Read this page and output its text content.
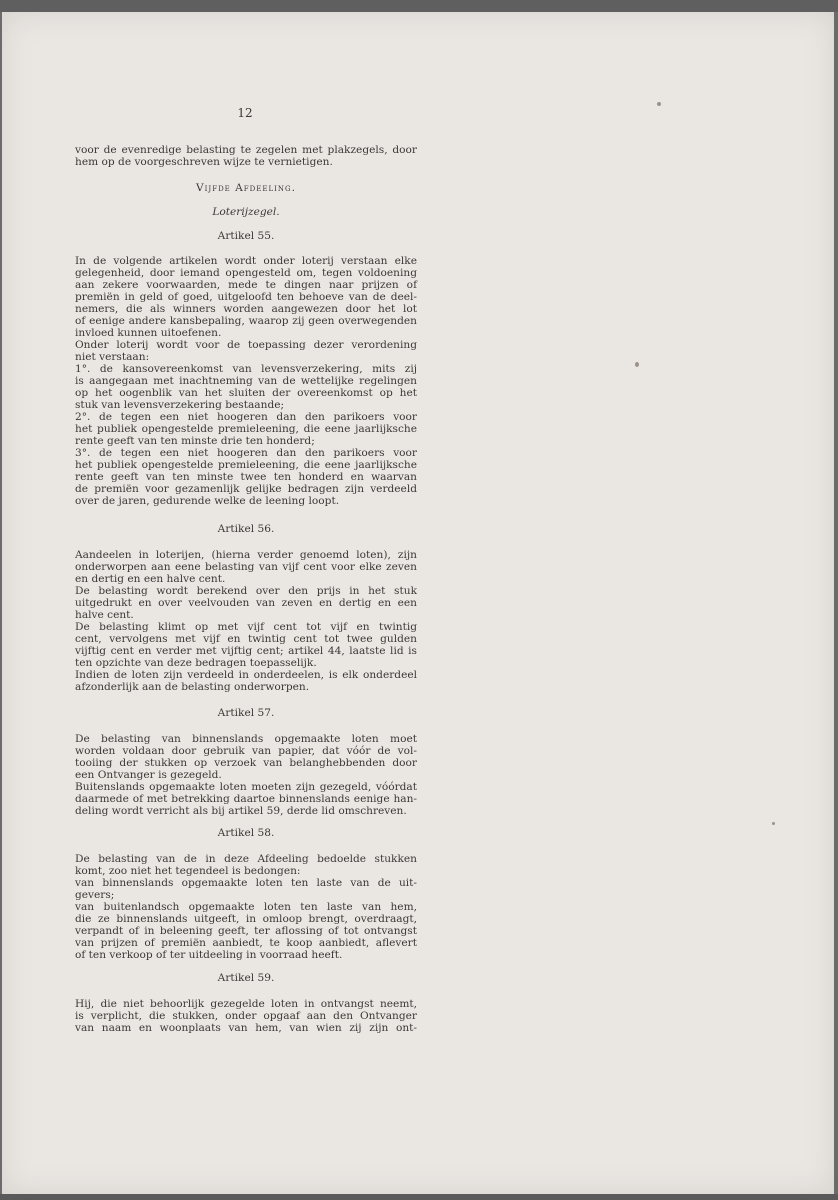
12
voor de evenredige belasting te zegelen met plakzegels, door
hem op de voorgeschreven wijze te vernietigen.
Vijfde Afdeeling.
Loterijzegel.
Artikel 55.
In de volgende artikelen wordt onder loterij verstaan elke
gelegenheid, door iemand opengesteld om, tegen voldoening
aan zekere voorwaarden, mede te dingen naar prijzen of
premiën in geld of goed, uitgeloofd ten behoeve van de deel-
nemers, die als winners worden aangewezen door het lot
of eenige andere kansbepaling, waarop zij geen overwegenden
invloed kunnen uitoefenen.
Onder loterij wordt voor de toepassing dezer verordening
niet verstaan:
1°. de kansovereenkomst van levensverzekering, mits zij
is aangegaan met inachtneming van de wettelijke regelingen
op het oogenblik van het sluiten der overeenkomst op het
stuk van levensverzekering bestaande;
2°. de tegen een niet hoogeren dan den parikoers voor
het publiek opengestelde premieleening, die eene jaarlijksche
rente geeft van ten minste drie ten honderd;
3°. de tegen een niet hoogeren dan den parikoers voor
het publiek opengestelde premieleening, die eene jaarlijksche
rente geeft van ten minste twee ten honderd en waarvan
de premiën voor gezamenlijk gelijke bedragen zijn verdeeld
over de jaren, gedurende welke de leening loopt.
Artikel 56.
Aandeelen in loterijen, (hierna verder genoemd loten), zijn
onderworpen aan eene belasting van vijf cent voor elke zeven
en dertig en een halve cent.
De belasting wordt berekend over den prijs in het stuk
uitgedrukt en over veelvouden van zeven en dertig en een
halve cent.
De belasting klimt op met vijf cent tot vijf en twintig
cent, vervolgens met vijf en twintig cent tot twee gulden
vijftig cent en verder met vijftig cent; artikel 44, laatste lid is
ten opzichte van deze bedragen toepasselijk.
Indien de loten zijn verdeeld in onderdeelen, is elk onderdeel
afzonderlijk aan de belasting onderworpen.
Artikel 57.
De belasting van binnenslands opgemaakte loten moet
worden voldaan door gebruik van papier, dat vóór de vol-
tooiing der stukken op verzoek van belanghebbenden door
een Ontvanger is gezegeld.
Buitenslands opgemaakte loten moeten zijn gezegeld, vóórdat
daarmede of met betrekking daartoe binnenslands eenige han-
deling wordt verricht als bij artikel 59, derde lid omschreven.
Artikel 58.
De belasting van de in deze Afdeeling bedoelde stukken
komt, zoo niet het tegendeel is bedongen:
van binnenslands opgemaakte loten ten laste van de uit-
gevers;
van buitenlandsch opgemaakte loten ten laste van hem,
die ze binnenslands uitgeeft, in omloop brengt, overdraagt,
verpandt of in beleening geeft, ter aflossing of tot ontvangst
van prijzen of premiën aanbiedt, te koop aanbiedt, aflevert
of ten verkoop of ter uitdeeling in voorraad heeft.
Artikel 59.
Hij, die niet behoorlijk gezegelde loten in ontvangst neemt,
is verplicht, die stukken, onder opgaaf aan den Ontvanger
van naam en woonplaats van hem, van wien zij zijn ont-
